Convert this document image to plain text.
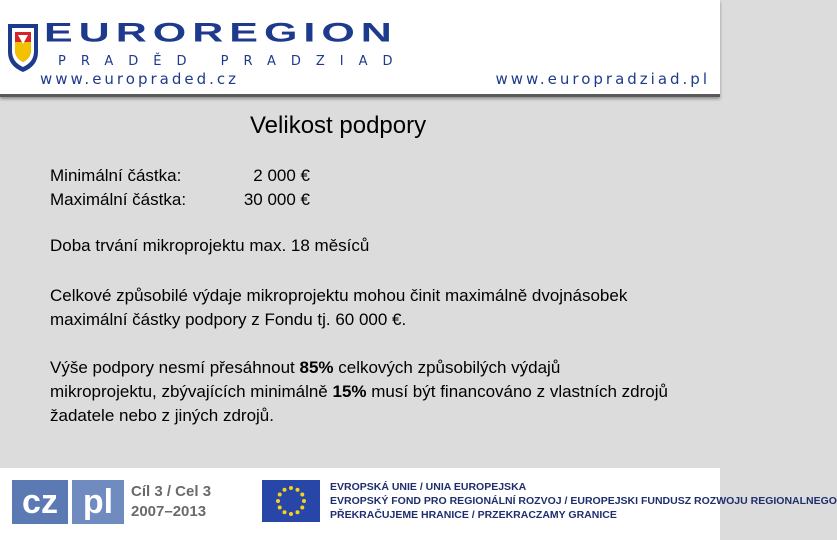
EUROREGION
PRADĚD PRADZIAD
www.europraded.cz	www.europradziad.pl
Velikost podpory
Minimální částka:	2 000 €
Maximální částka:	30 000 €

Doba trvání mikroprojektu max. 18 měsíců

Celkové způsobilé výdaje mikroprojektu mohou činit maximálně dvojnásobek maximální částky podpory z Fondu tj. 60 000 €.

Výše podpory nesmí přesáhnout 85% celkových způsobilých výdajů mikroprojektu, zbývajících minimálně 15% musí být financováno z vlastních zdrojů žadatele nebo z jiných zdrojů.

cz pl	Cíl 3 / Cel 3
2007–2013
EVROPSKÁ UNIE / UNIA EUROPEJSKA
EVROPSKÝ FOND PRO REGIONÁLNÍ ROZVOJ / EUROPEJSKI FUNDUSZ ROZWOJU REGIONALNEGO
PŘEKRAČUJEME HRANICE / PRZEKRACZAMY GRANICE
